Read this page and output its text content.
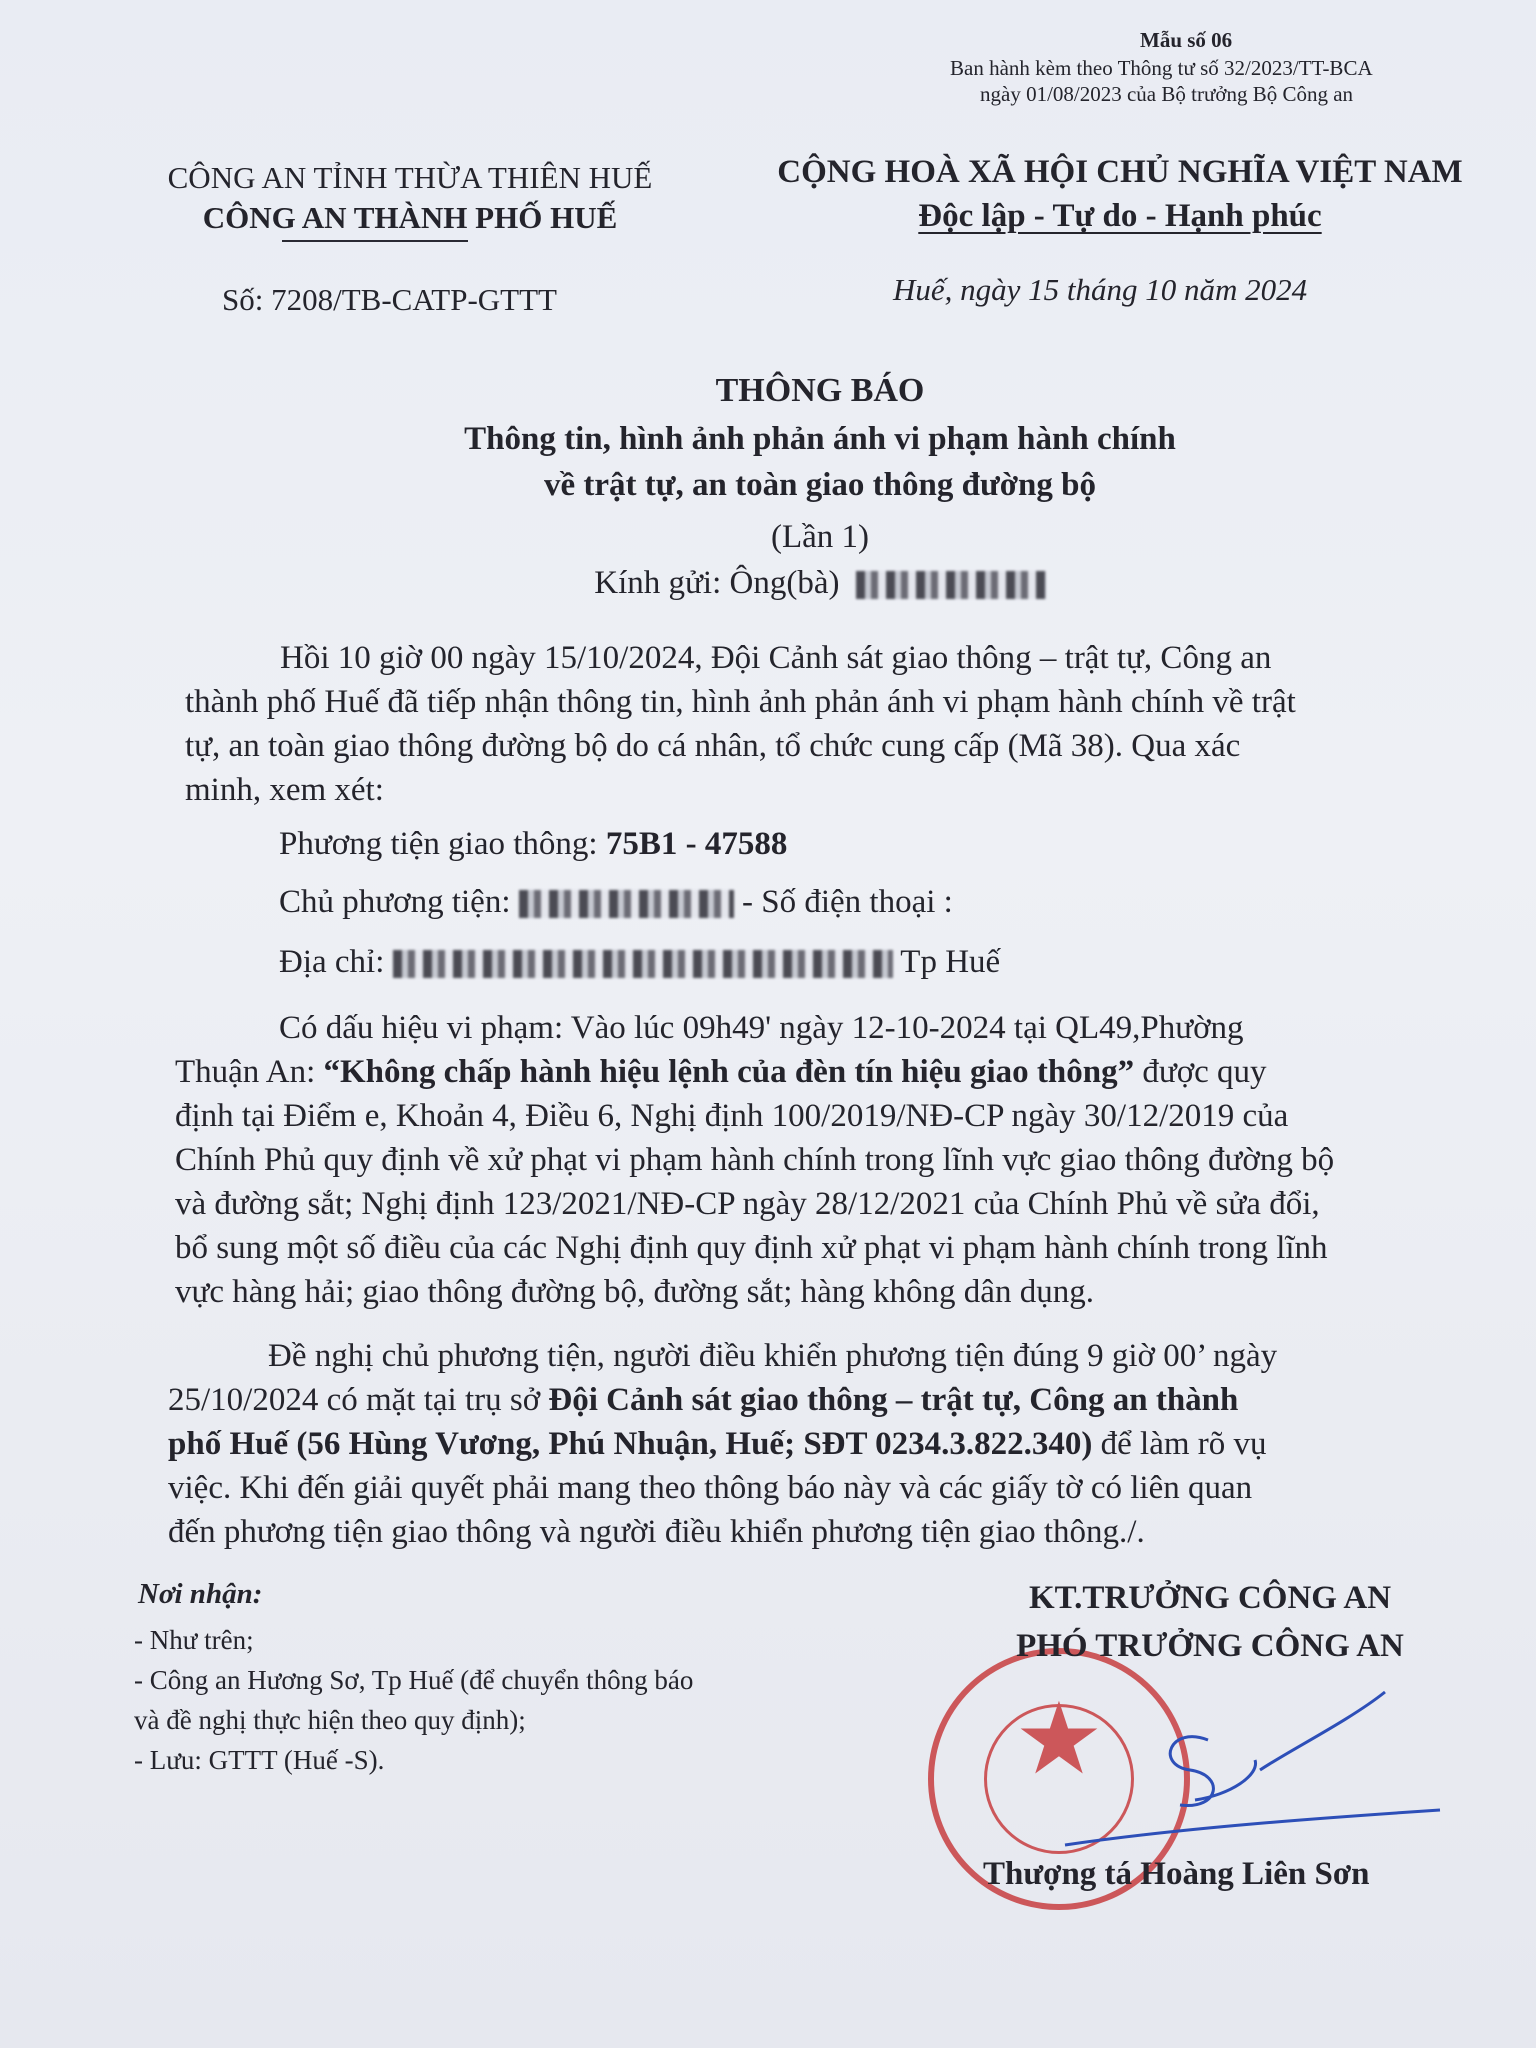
Mẫu số 06
Ban hành kèm theo Thông tư số 32/2023/TT-BCA
ngày 01/08/2023 của Bộ trưởng Bộ Công an
CÔNG AN TỈNH THỪA THIÊN HUẾ
CÔNG AN THÀNH PHỐ HUẾ
Số: 7208/TB-CATP-GTTT
CỘNG HOÀ XÃ HỘI CHỦ NGHĨA VIỆT NAM
Độc lập - Tự do - Hạnh phúc
Huế, ngày 15 tháng 10 năm 2024
THÔNG BÁO
Thông tin, hình ảnh phản ánh vi phạm hành chính
về trật tự, an toàn giao thông đường bộ
(Lần 1)
Kính gửi: Ông(bà)
Hồi 10 giờ 00 ngày 15/10/2024, Đội Cảnh sát giao thông – trật tự, Công an
thành phố Huế đã tiếp nhận thông tin, hình ảnh phản ánh vi phạm hành chính về trật
tự, an toàn giao thông đường bộ do cá nhân, tổ chức cung cấp (Mã 38). Qua xác
minh, xem xét:
Phương tiện giao thông: 75B1 - 47588
Chủ phương tiện:	- Số điện thoại :
Địa chỉ:	Tp Huế
Có dấu hiệu vi phạm: Vào lúc 09h49' ngày 12-10-2024 tại QL49,Phường
Thuận An: “Không chấp hành hiệu lệnh của đèn tín hiệu giao thông” được quy
định tại Điểm e, Khoản 4, Điều 6, Nghị định 100/2019/NĐ-CP ngày 30/12/2019 của
Chính Phủ quy định về xử phạt vi phạm hành chính trong lĩnh vực giao thông đường bộ
và đường sắt; Nghị định 123/2021/NĐ-CP ngày 28/12/2021 của Chính Phủ về sửa đổi,
bổ sung một số điều của các Nghị định quy định xử phạt vi phạm hành chính trong lĩnh
vực hàng hải; giao thông đường bộ, đường sắt; hàng không dân dụng.
Đề nghị chủ phương tiện, người điều khiển phương tiện đúng 9 giờ 00’ ngày
25/10/2024 có mặt tại trụ sở Đội Cảnh sát giao thông – trật tự, Công an thành
phố Huế (56 Hùng Vương, Phú Nhuận, Huế; SĐT 0234.3.822.340) để làm rõ vụ
việc. Khi đến giải quyết phải mang theo thông báo này và các giấy tờ có liên quan
đến phương tiện giao thông và người điều khiển phương tiện giao thông./.
Nơi nhận:
- Như trên;
- Công an Hương Sơ, Tp Huế (để chuyển thông báo
và đề nghị thực hiện theo quy định);
- Lưu: GTTT (Huế -S).	★
KT.TRƯỞNG CÔNG AN
PHÓ TRƯỞNG CÔNG AN
Thượng tá Hoàng Liên Sơn
